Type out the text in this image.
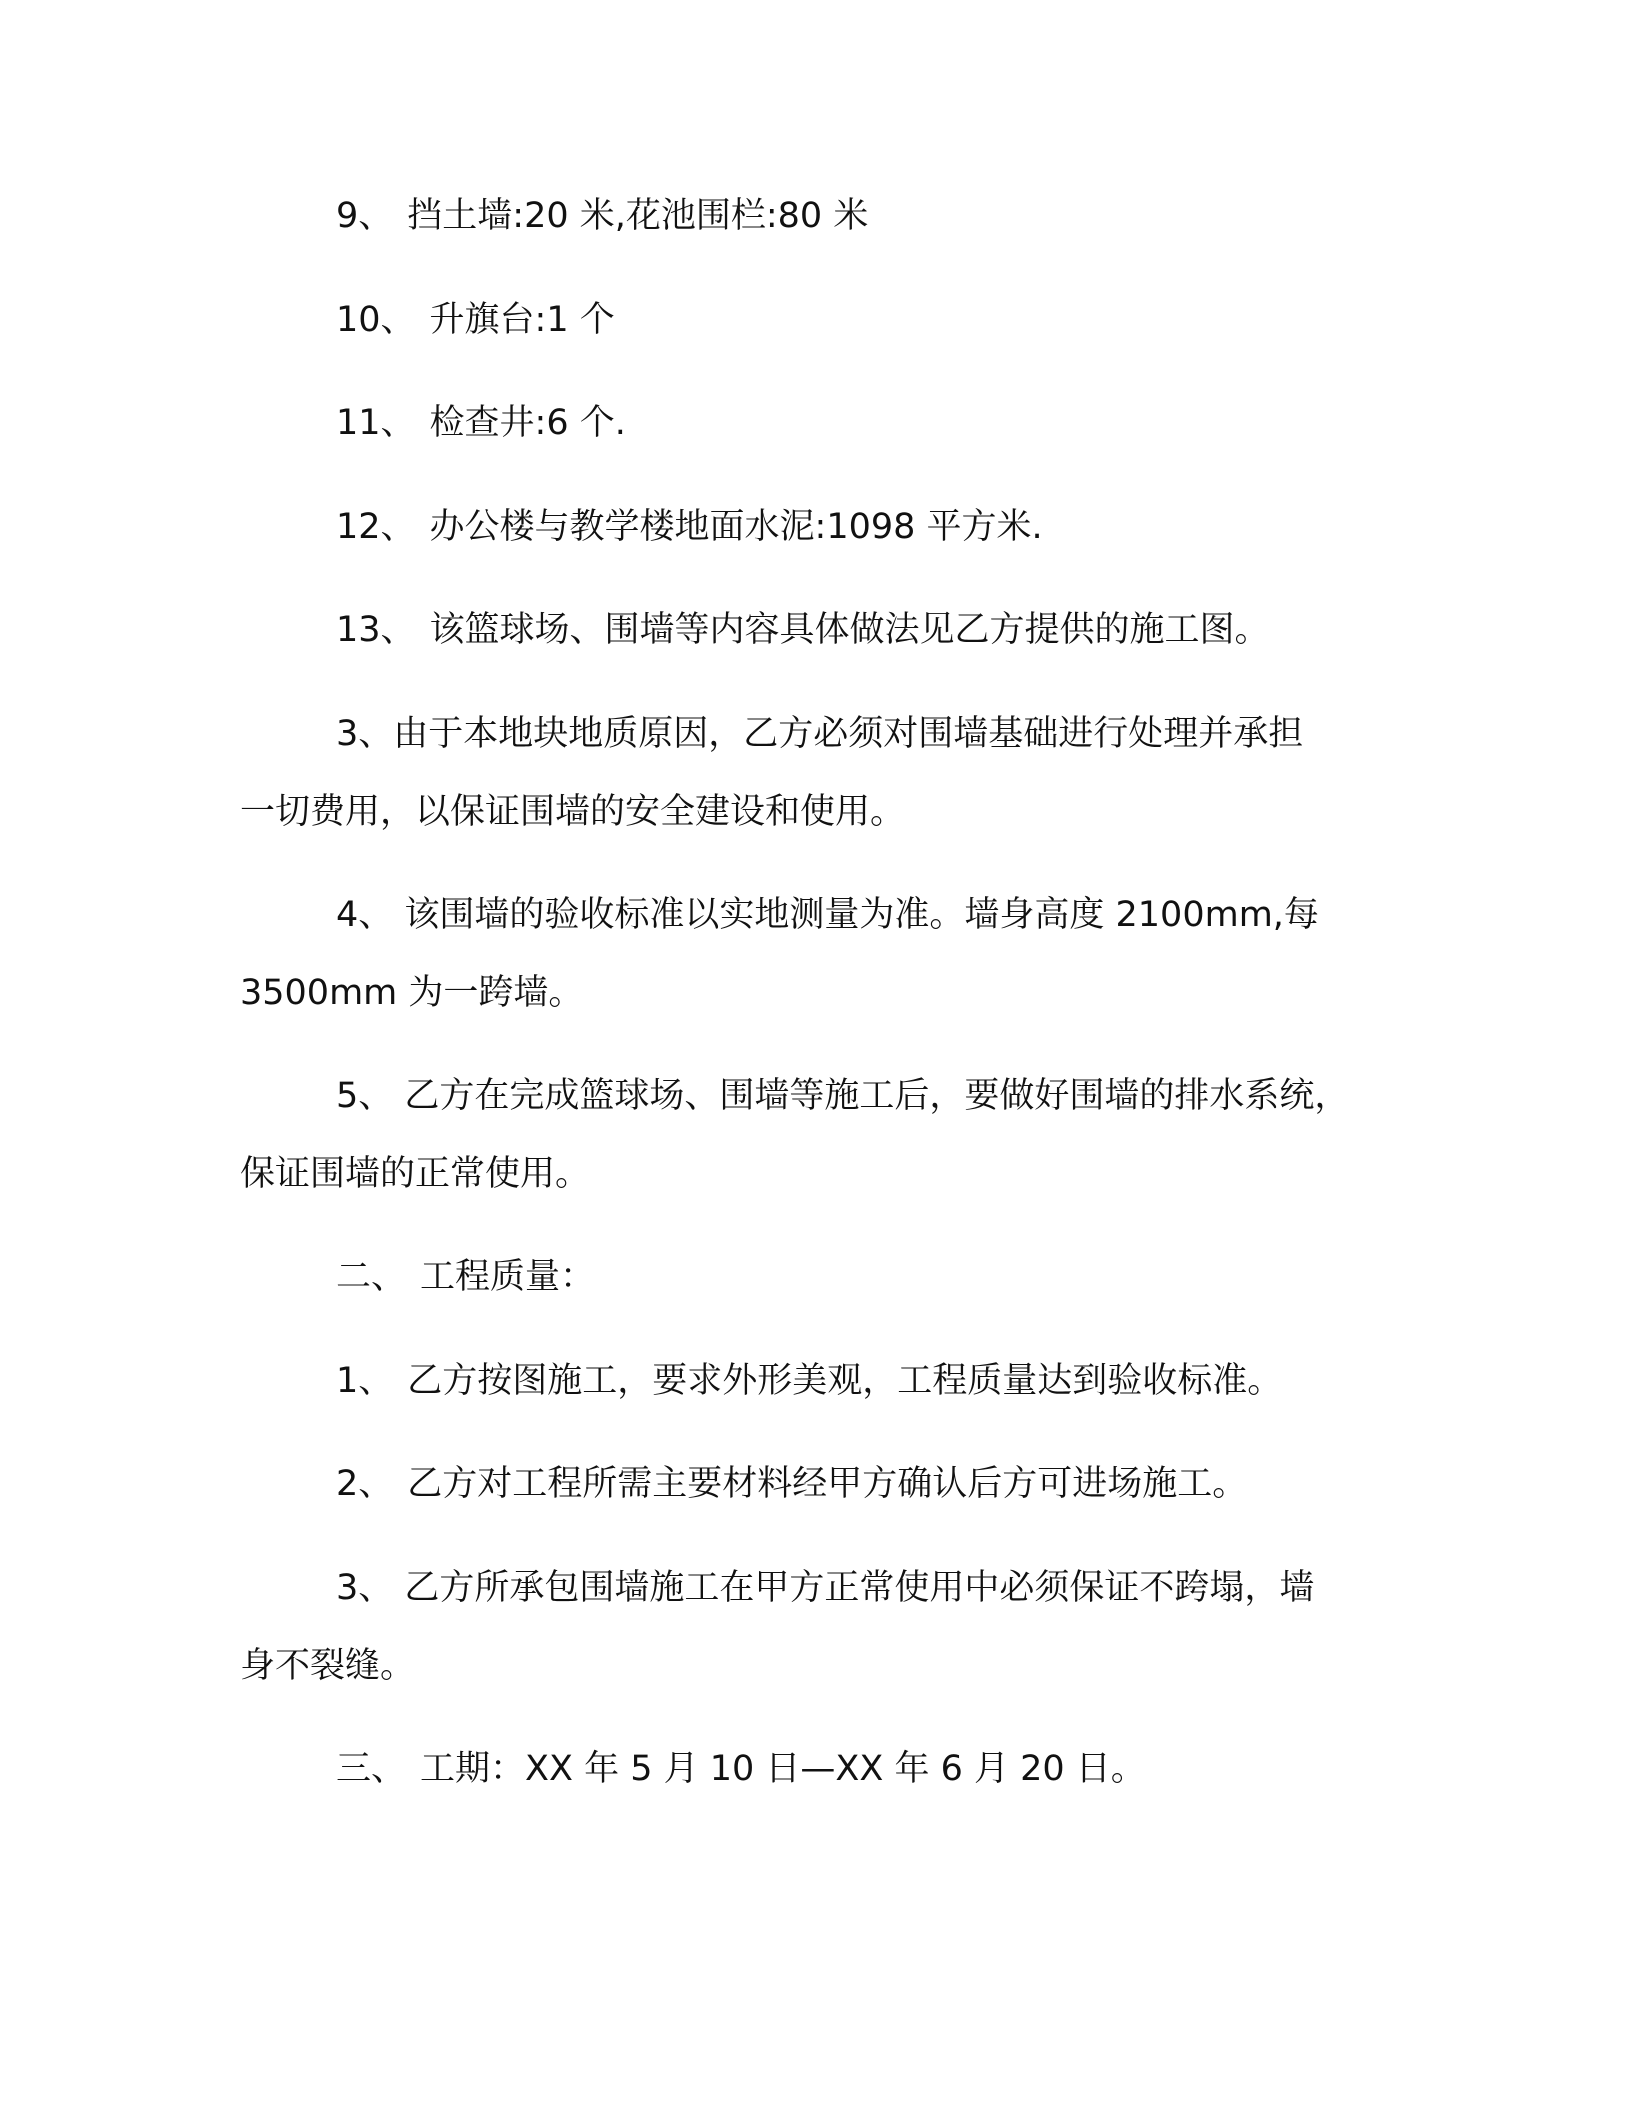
9、 挡土墙:20 米,花池围栏:80 米

10、 升旗台:1 个

11、 检查井:6 个.

12、 办公楼与教学楼地面水泥:1098 平方米.

13、 该篮球场、围墙等内容具体做法见乙方提供的施工图。

3、由于本地块地质原因，乙方必须对围墙基础进行处理并承担
一切费用，以保证围墙的安全建设和使用。

4、 该围墙的验收标准以实地测量为准。墙身高度 2100mm,每
3500mm 为一跨墙。

5、 乙方在完成篮球场、围墙等施工后，要做好围墙的排水系统，
保证围墙的正常使用。

二、 工程质量：

1、 乙方按图施工，要求外形美观，工程质量达到验收标准。

2、 乙方对工程所需主要材料经甲方确认后方可进场施工。

3、 乙方所承包围墙施工在甲方正常使用中必须保证不跨塌，墙
身不裂缝。

三、 工期：XX 年 5 月 10 日—XX 年 6 月 20 日。
